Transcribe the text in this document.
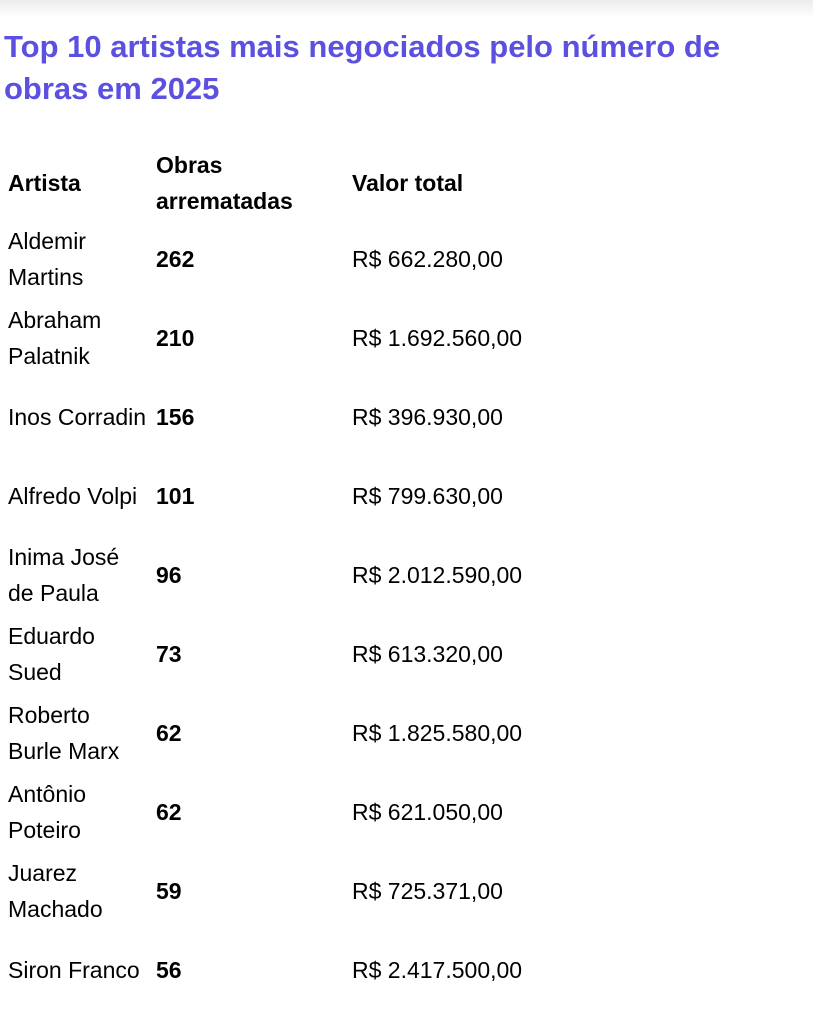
Top 10 artistas mais negociados pelo número de obras em 2025
Artista	Obras arrematadas	Valor total
Aldemir Martins	262	R$ 662.280,00
Abraham Palatnik	210	R$ 1.692.560,00
Inos Corradin	156	R$ 396.930,00
Alfredo Volpi	101	R$ 799.630,00
Inima José de Paula	96	R$ 2.012.590,00
Eduardo Sued	73	R$ 613.320,00
Roberto Burle Marx	62	R$ 1.825.580,00
Antônio Poteiro	62	R$ 621.050,00
Juarez Machado	59	R$ 725.371,00
Siron Franco	56	R$ 2.417.500,00
